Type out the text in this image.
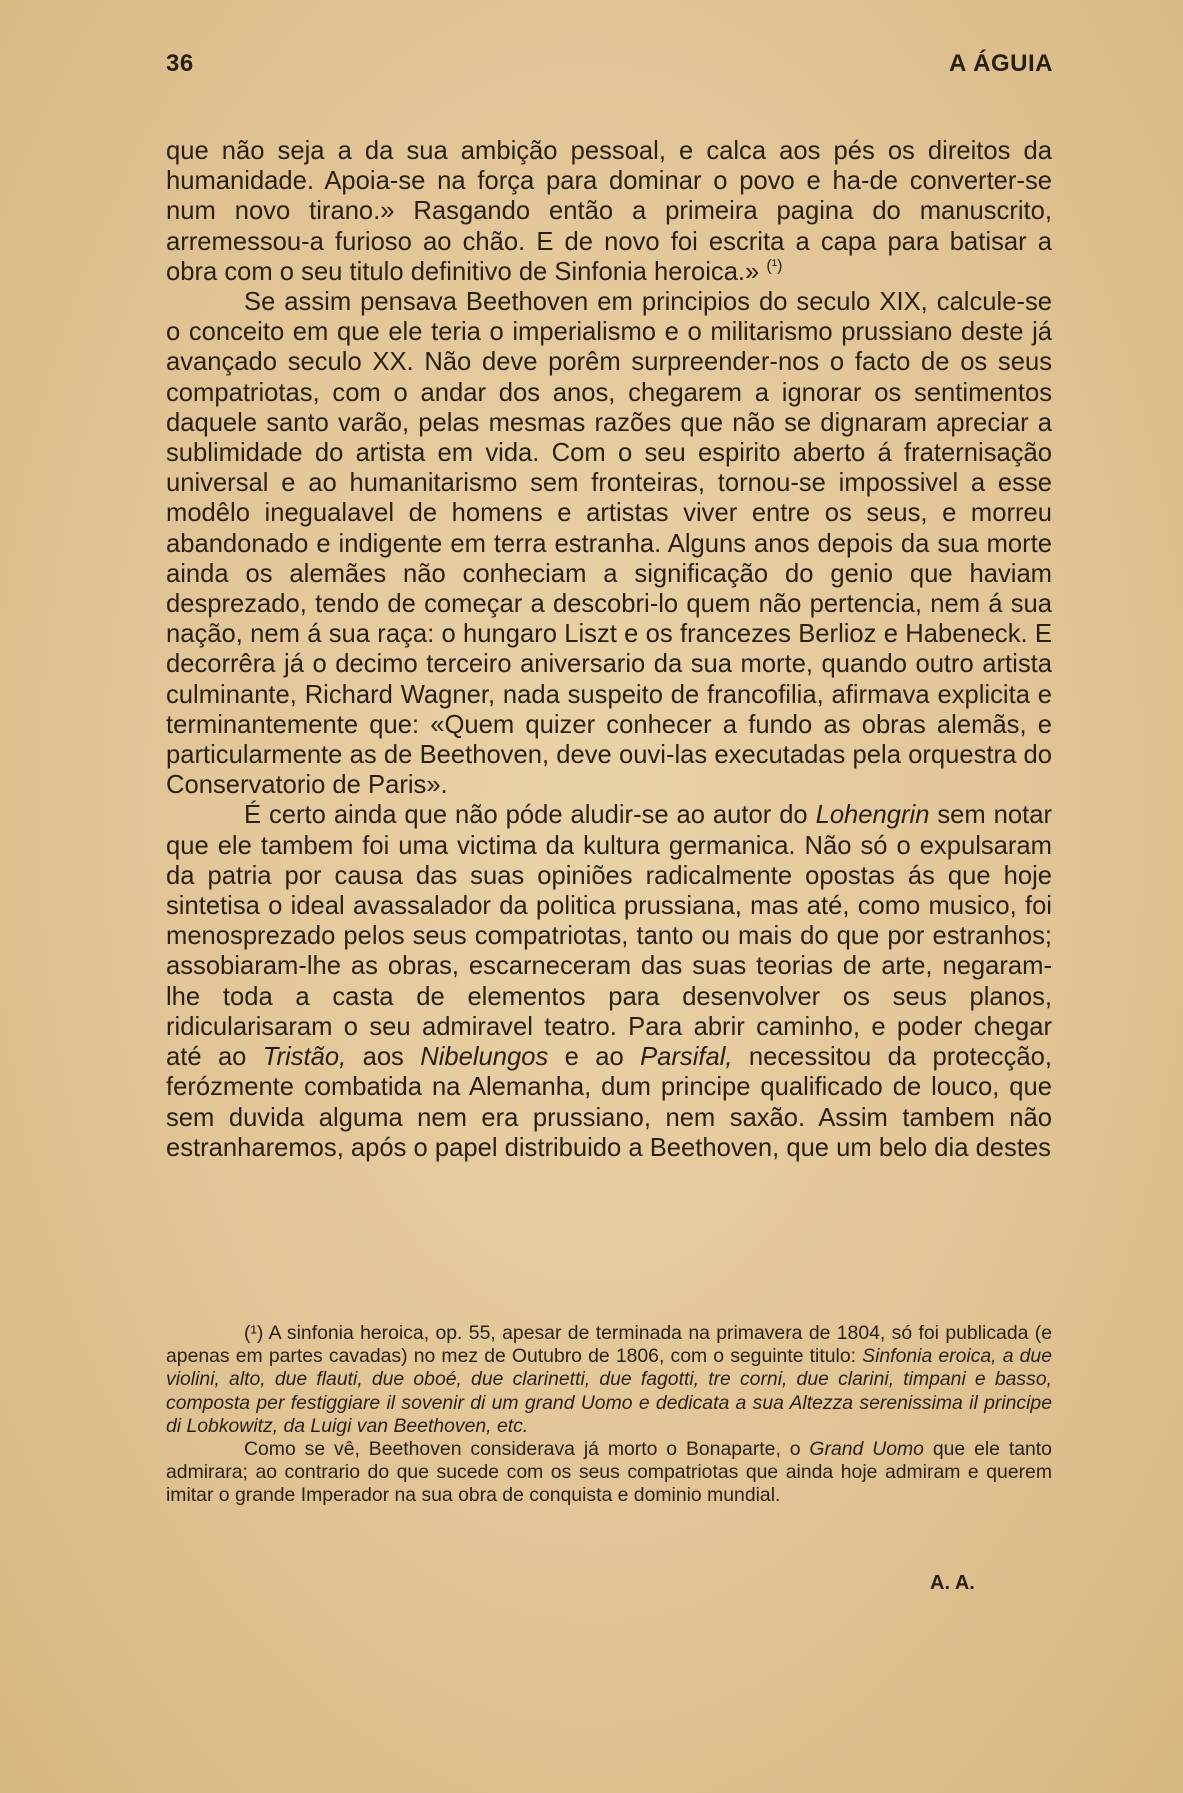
36	A ÁGUIA

que não seja a da sua ambição pessoal, e calca aos pés os direitos da humanidade. Apoia-se na força para dominar o povo e ha-de converter-se num novo tirano.» Rasgando então a primeira pagina do manuscrito, arremessou-a furioso ao chão. E de novo foi escrita a capa para batisar a obra com o seu titulo definitivo de Sinfonia heroica.» $^{(^1)}$

Se assim pensava Beethoven em principios do seculo XIX, calcule-se o conceito em que ele teria o imperialismo e o militarismo prussiano deste já avançado seculo XX. Não deve porêm surpreender-nos o facto de os seus compatriotas, com o andar dos anos, chegarem a ignorar os sentimentos daquele santo varão, pelas mesmas razões que não se dignaram apreciar a sublimidade do artista em vida. Com o seu espirito aberto á fraternisação universal e ao humanitarismo sem fronteiras, tornou-se impossivel a esse modêlo inegualavel de homens e artistas viver entre os seus, e morreu abandonado e indigente em terra estranha. Alguns anos depois da sua morte ainda os alemães não conheciam a significação do genio que haviam desprezado, tendo de começar a descobri-lo quem não pertencia, nem á sua nação, nem á sua raça: o hungaro Liszt e os francezes Berlioz e Habeneck. E decorrêra já o decimo terceiro aniversario da sua morte, quando outro artista culminante, Richard Wagner, nada suspeito de francofilia, afirmava explicita e terminantemente que: «Quem quizer conhecer a fundo as obras alemãs, e particularmente as de Beethoven, deve ouvi-las executadas pela orquestra do Conservatorio de Paris».

É certo ainda que não póde aludir-se ao autor do Lohengrin sem notar que ele tambem foi uma victima da kultura germanica. Não só o expulsaram da patria por causa das suas opiniões radicalmente opostas ás que hoje sintetisa o ideal avassalador da politica prussiana, mas até, como musico, foi menosprezado pelos seus compatriotas, tanto ou mais do que por estranhos; assobiaram-lhe as obras, escarneceram das suas teorias de arte, negaram-lhe toda a casta de elementos para desenvolver os seus planos, ridicularisaram o seu admiravel teatro. Para abrir caminho, e poder chegar até ao Tristão, aos Nibelungos e ao Parsifal, necessitou da protecção, ferózmente combatida na Alemanha, dum principe qualificado de louco, que sem duvida alguma nem era prussiano, nem saxão. Assim tambem não estranharemos, após o papel distribuido a Beethoven, que um belo dia destes

(¹) A sinfonia heroica, op. 55, apesar de terminada na primavera de 1804, só foi publicada (e apenas em partes cavadas) no mez de Outubro de 1806, com o seguinte titulo: Sinfonia eroica, a due violini, alto, due flauti, due oboé, due clarinetti, due fagotti, tre corni, due clarini, timpani e basso, composta per festiggiare il sovenir di um grand Uomo e dedicata a sua Altezza serenissima il principe di Lobkowitz, da Luigi van Beethoven, etc.

Como se vê, Beethoven considerava já morto o Bonaparte, o Grand Uomo que ele tanto admirara; ao contrario do que sucede com os seus compatriotas que ainda hoje admiram e querem imitar o grande Imperador na sua obra de conquista e dominio mundial.

A. A.
